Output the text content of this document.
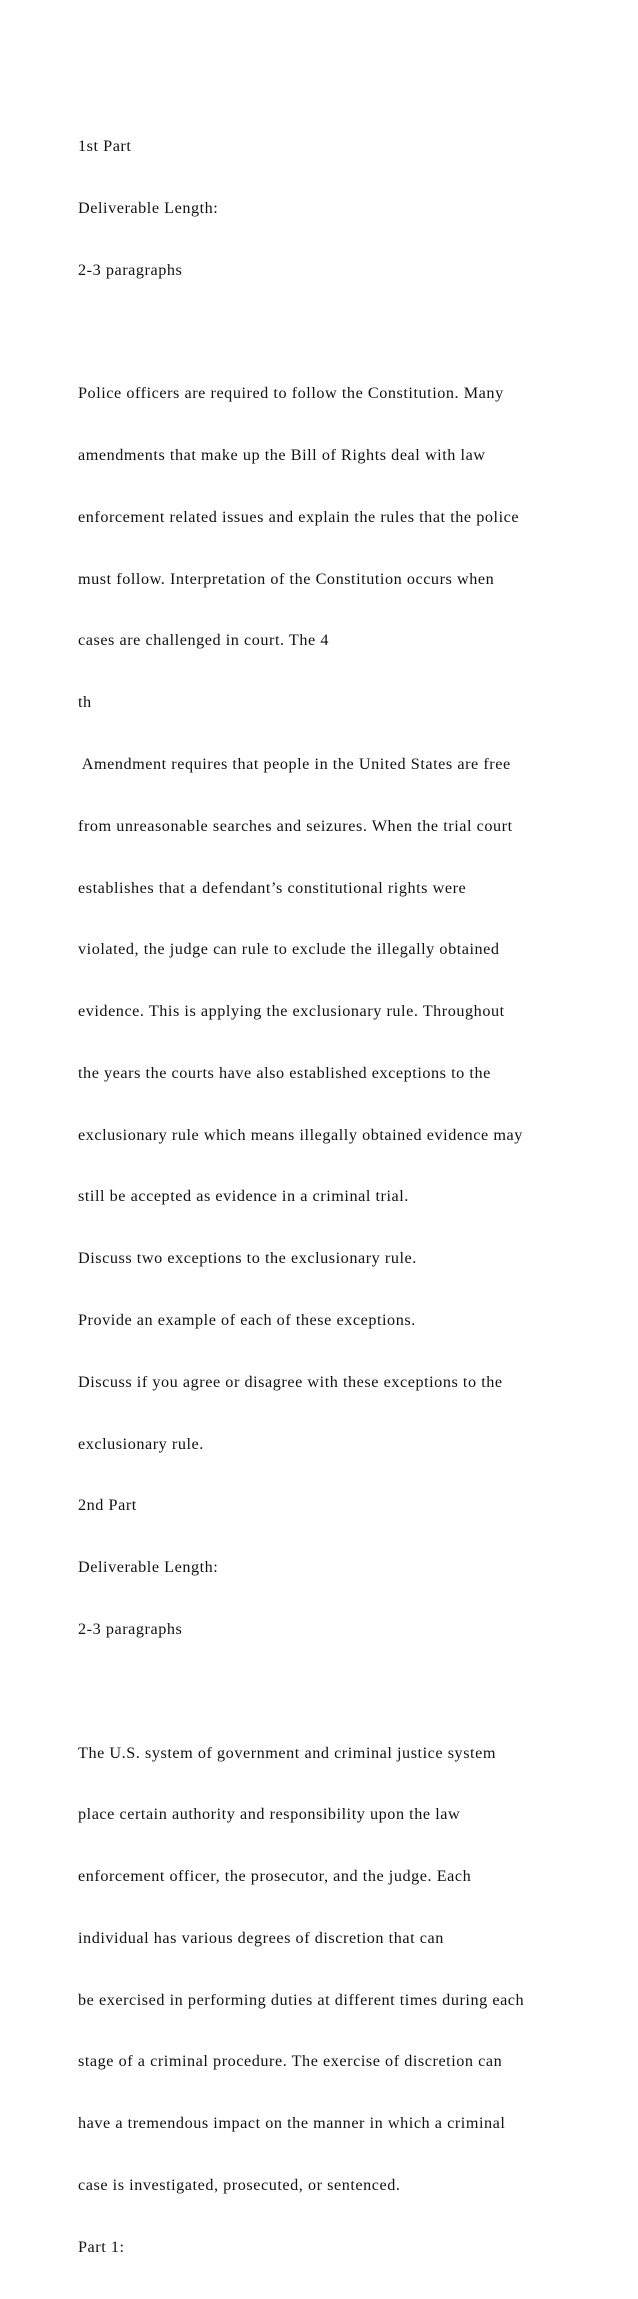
1st Part

Deliverable Length:

2-3 paragraphs

Police officers are required to follow the Constitution. Many

amendments that make up the Bill of Rights deal with law

enforcement related issues and explain the rules that the police

must follow. Interpretation of the Constitution occurs when

cases are challenged in court. The 4

th

Amendment requires that people in the United States are free

from unreasonable searches and seizures. When the trial court

establishes that a defendant’s constitutional rights were

violated, the judge can rule to exclude the illegally obtained

evidence. This is applying the exclusionary rule. Throughout

the years the courts have also established exceptions to the

exclusionary rule which means illegally obtained evidence may

still be accepted as evidence in a criminal trial.

Discuss two exceptions to the exclusionary rule.

Provide an example of each of these exceptions.

Discuss if you agree or disagree with these exceptions to the

exclusionary rule.

2nd Part

Deliverable Length:

2-3 paragraphs

The U.S. system of government and criminal justice system

place certain authority and responsibility upon the law

enforcement officer, the prosecutor, and the judge. Each

individual has various degrees of discretion that can

be exercised in performing duties at different times during each

stage of a criminal procedure. The exercise of discretion can

have a tremendous impact on the manner in which a criminal

case is investigated, prosecuted, or sentenced.

Part 1:
